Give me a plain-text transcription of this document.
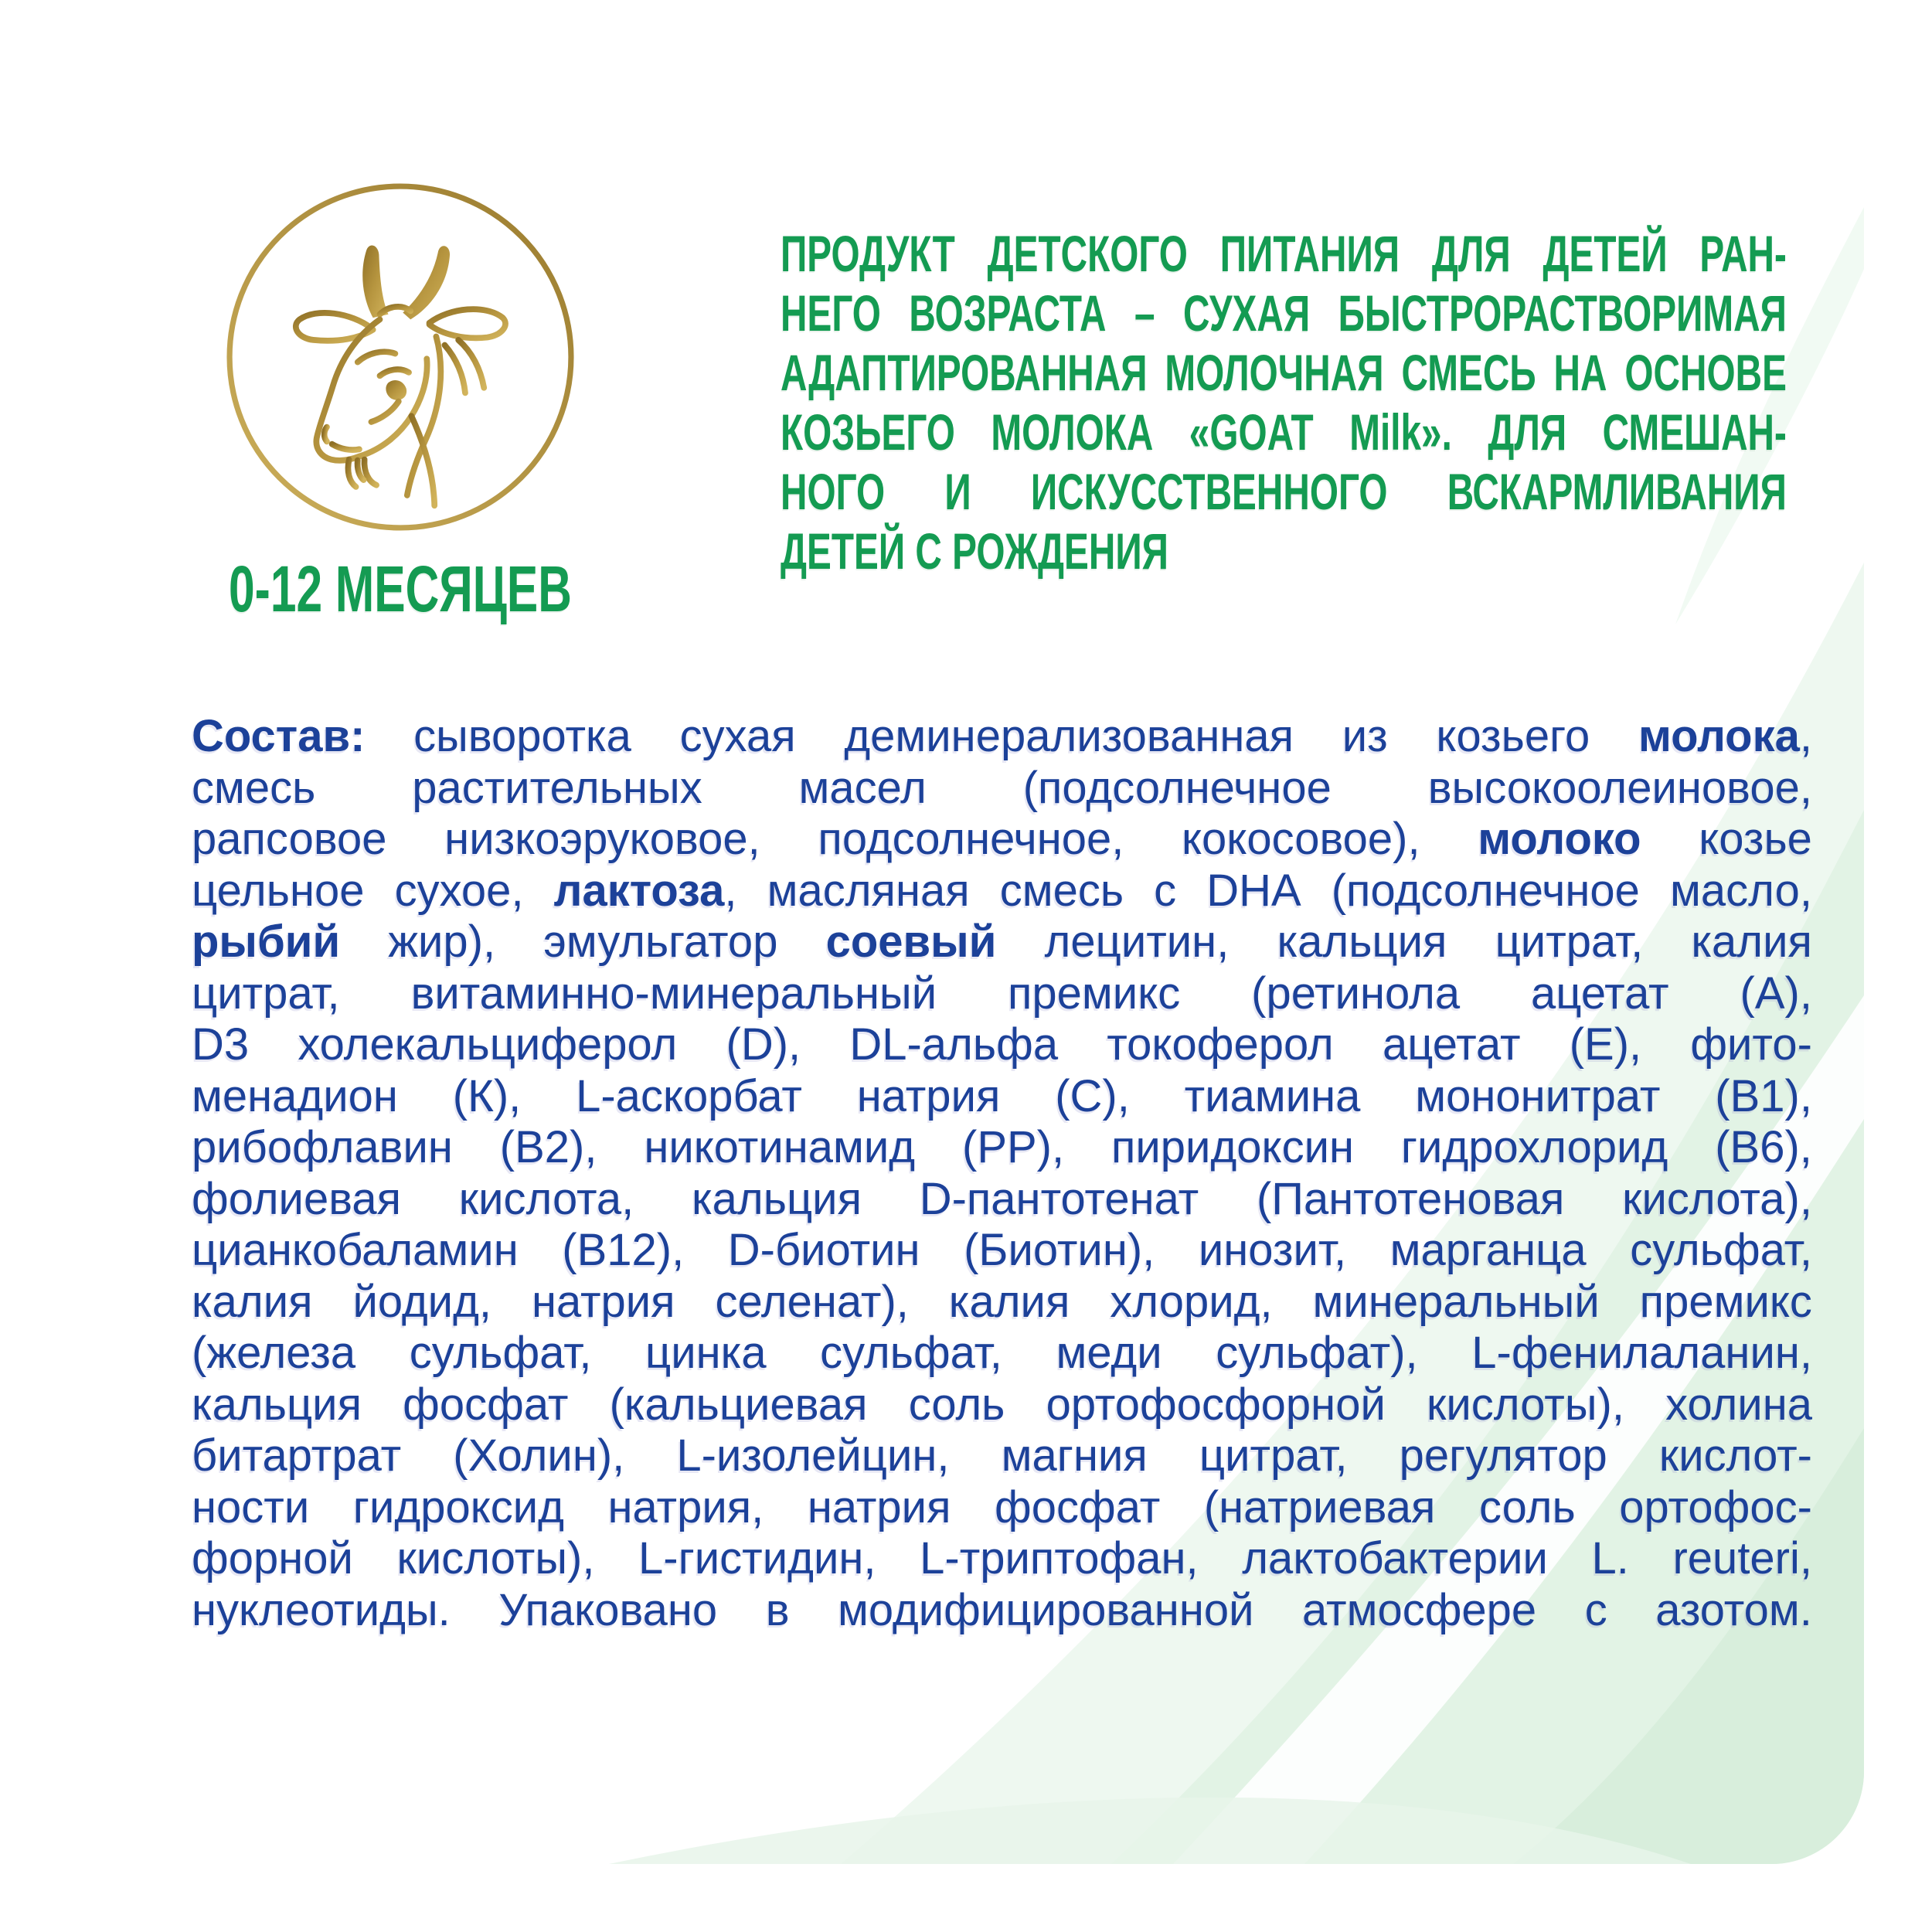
0-12 МЕСЯЦЕВ
ПРОДУКТ ДЕТСКОГО ПИТАНИЯ ДЛЯ ДЕТЕЙ РАН-
НЕГО ВОЗРАСТА – СУХАЯ БЫСТРОРАСТВОРИМАЯ
АДАПТИРОВАННАЯ МОЛОЧНАЯ СМЕСЬ НА ОСНОВЕ
КОЗЬЕГО МОЛОКА «GOAT Milk». ДЛЯ СМЕШАН-
НОГО И ИСКУССТВЕННОГО ВСКАРМЛИВАНИЯ
ДЕТЕЙ С РОЖДЕНИЯ
Состав: сыворотка сухая деминерализованная из козьего молока,
смесь растительных масел (подсолнечное высокоолеиновое,
рапсовое низкоэруковое, подсолнечное, кокосовое), молоко козье
цельное сухое, лактоза, масляная смесь с DHA (подсолнечное масло,
рыбий жир), эмульгатор соевый лецитин, кальция цитрат, калия
цитрат, витаминно-минеральный премикс (ретинола ацетат (А),
D3 холекальциферол (D), DL-альфа токоферол ацетат (Е), фито-
менадион (К), L-аскорбат натрия (С), тиамина мононитрат (В1),
рибофлавин (В2), никотинамид (РР), пиридоксин гидрохлорид (В6),
фолиевая кислота, кальция D-пантотенат (Пантотеновая кислота),
цианкобаламин (В12), D-биотин (Биотин), инозит, марганца сульфат,
калия йодид, натрия селенат), калия хлорид, минеральный премикс
(железа сульфат, цинка сульфат, меди сульфат), L-фенилаланин,
кальция фосфат (кальциевая соль ортофосфорной кислоты), холина
битартрат (Холин), L-изолейцин, магния цитрат, регулятор кислот-
ности гидроксид натрия, натрия фосфат (натриевая соль ортофос-
форной кислоты), L-гистидин, L-триптофан, лактобактерии L. reuteri,
нуклеотиды. Упаковано в модифицированной атмосфере с азотом.
